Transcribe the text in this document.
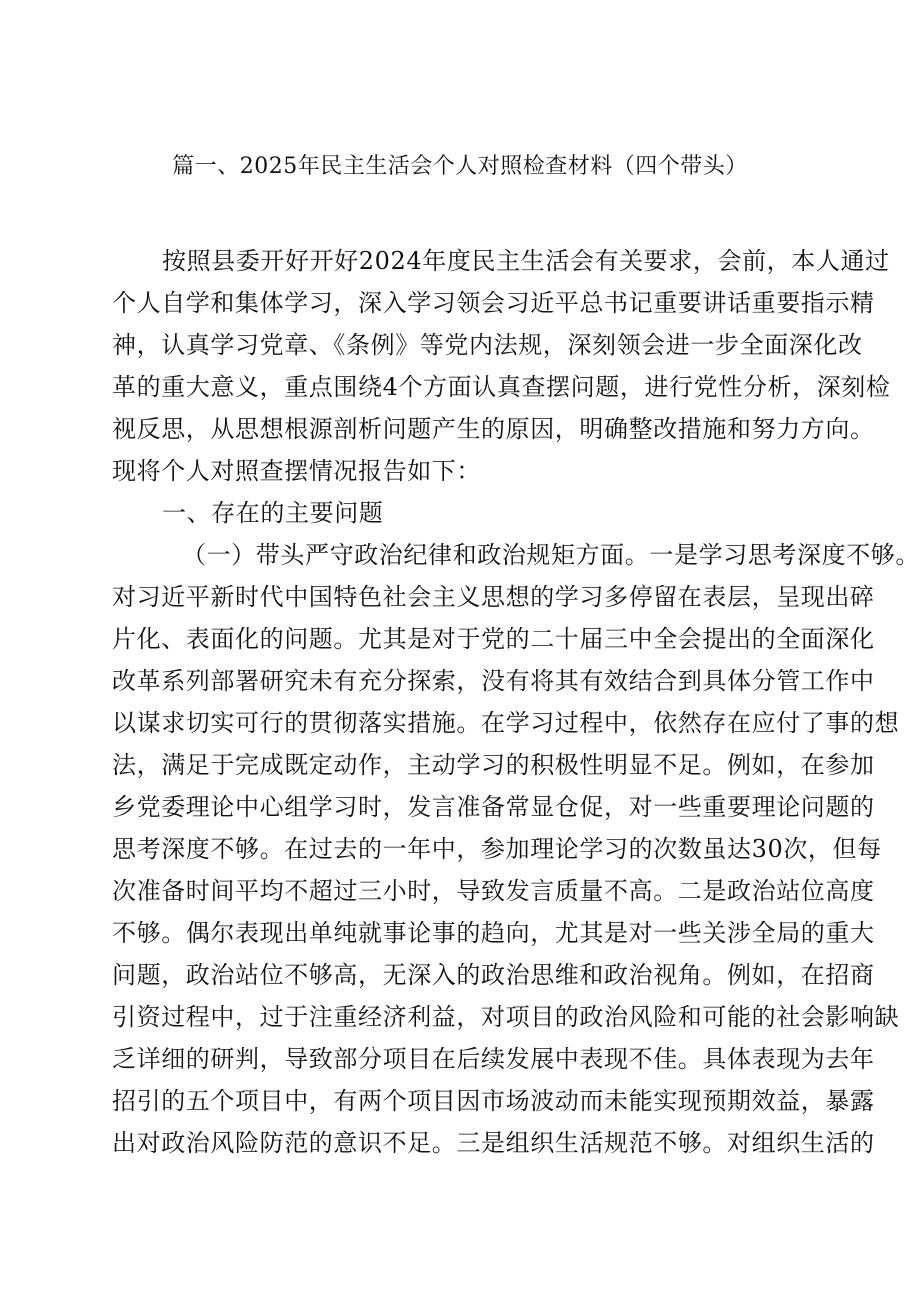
篇一、2025年民主生活会个人对照检查材料（四个带头）
按照县委开好开好2024年度民主生活会有关要求，会前，本人通过
个人自学和集体学习，深入学习领会习近平总书记重要讲话重要指示精
神，认真学习党章、《条例》等党内法规，深刻领会进一步全面深化改
革的重大意义，重点围绕4个方面认真查摆问题，进行党性分析，深刻检
视反思，从思想根源剖析问题产生的原因，明确整改措施和努力方向。
现将个人对照查摆情况报告如下：
一、存在的主要问题
（一）带头严守政治纪律和政治规矩方面。一是学习思考深度不够。
对习近平新时代中国特色社会主义思想的学习多停留在表层，呈现出碎
片化、表面化的问题。尤其是对于党的二十届三中全会提出的全面深化
改革系列部署研究未有充分探索，没有将其有效结合到具体分管工作中
以谋求切实可行的贯彻落实措施。在学习过程中，依然存在应付了事的想
法，满足于完成既定动作，主动学习的积极性明显不足。例如，在参加
乡党委理论中心组学习时，发言准备常显仓促，对一些重要理论问题的
思考深度不够。在过去的一年中，参加理论学习的次数虽达30次，但每
次准备时间平均不超过三小时，导致发言质量不高。二是政治站位高度
不够。偶尔表现出单纯就事论事的趋向，尤其是对一些关涉全局的重大
问题，政治站位不够高，无深入的政治思维和政治视角。例如，在招商
引资过程中，过于注重经济利益，对项目的政治风险和可能的社会影响缺
乏详细的研判，导致部分项目在后续发展中表现不佳。具体表现为去年
招引的五个项目中，有两个项目因市场波动而未能实现预期效益，暴露
出对政治风险防范的意识不足。三是组织生活规范不够。对组织生活的
